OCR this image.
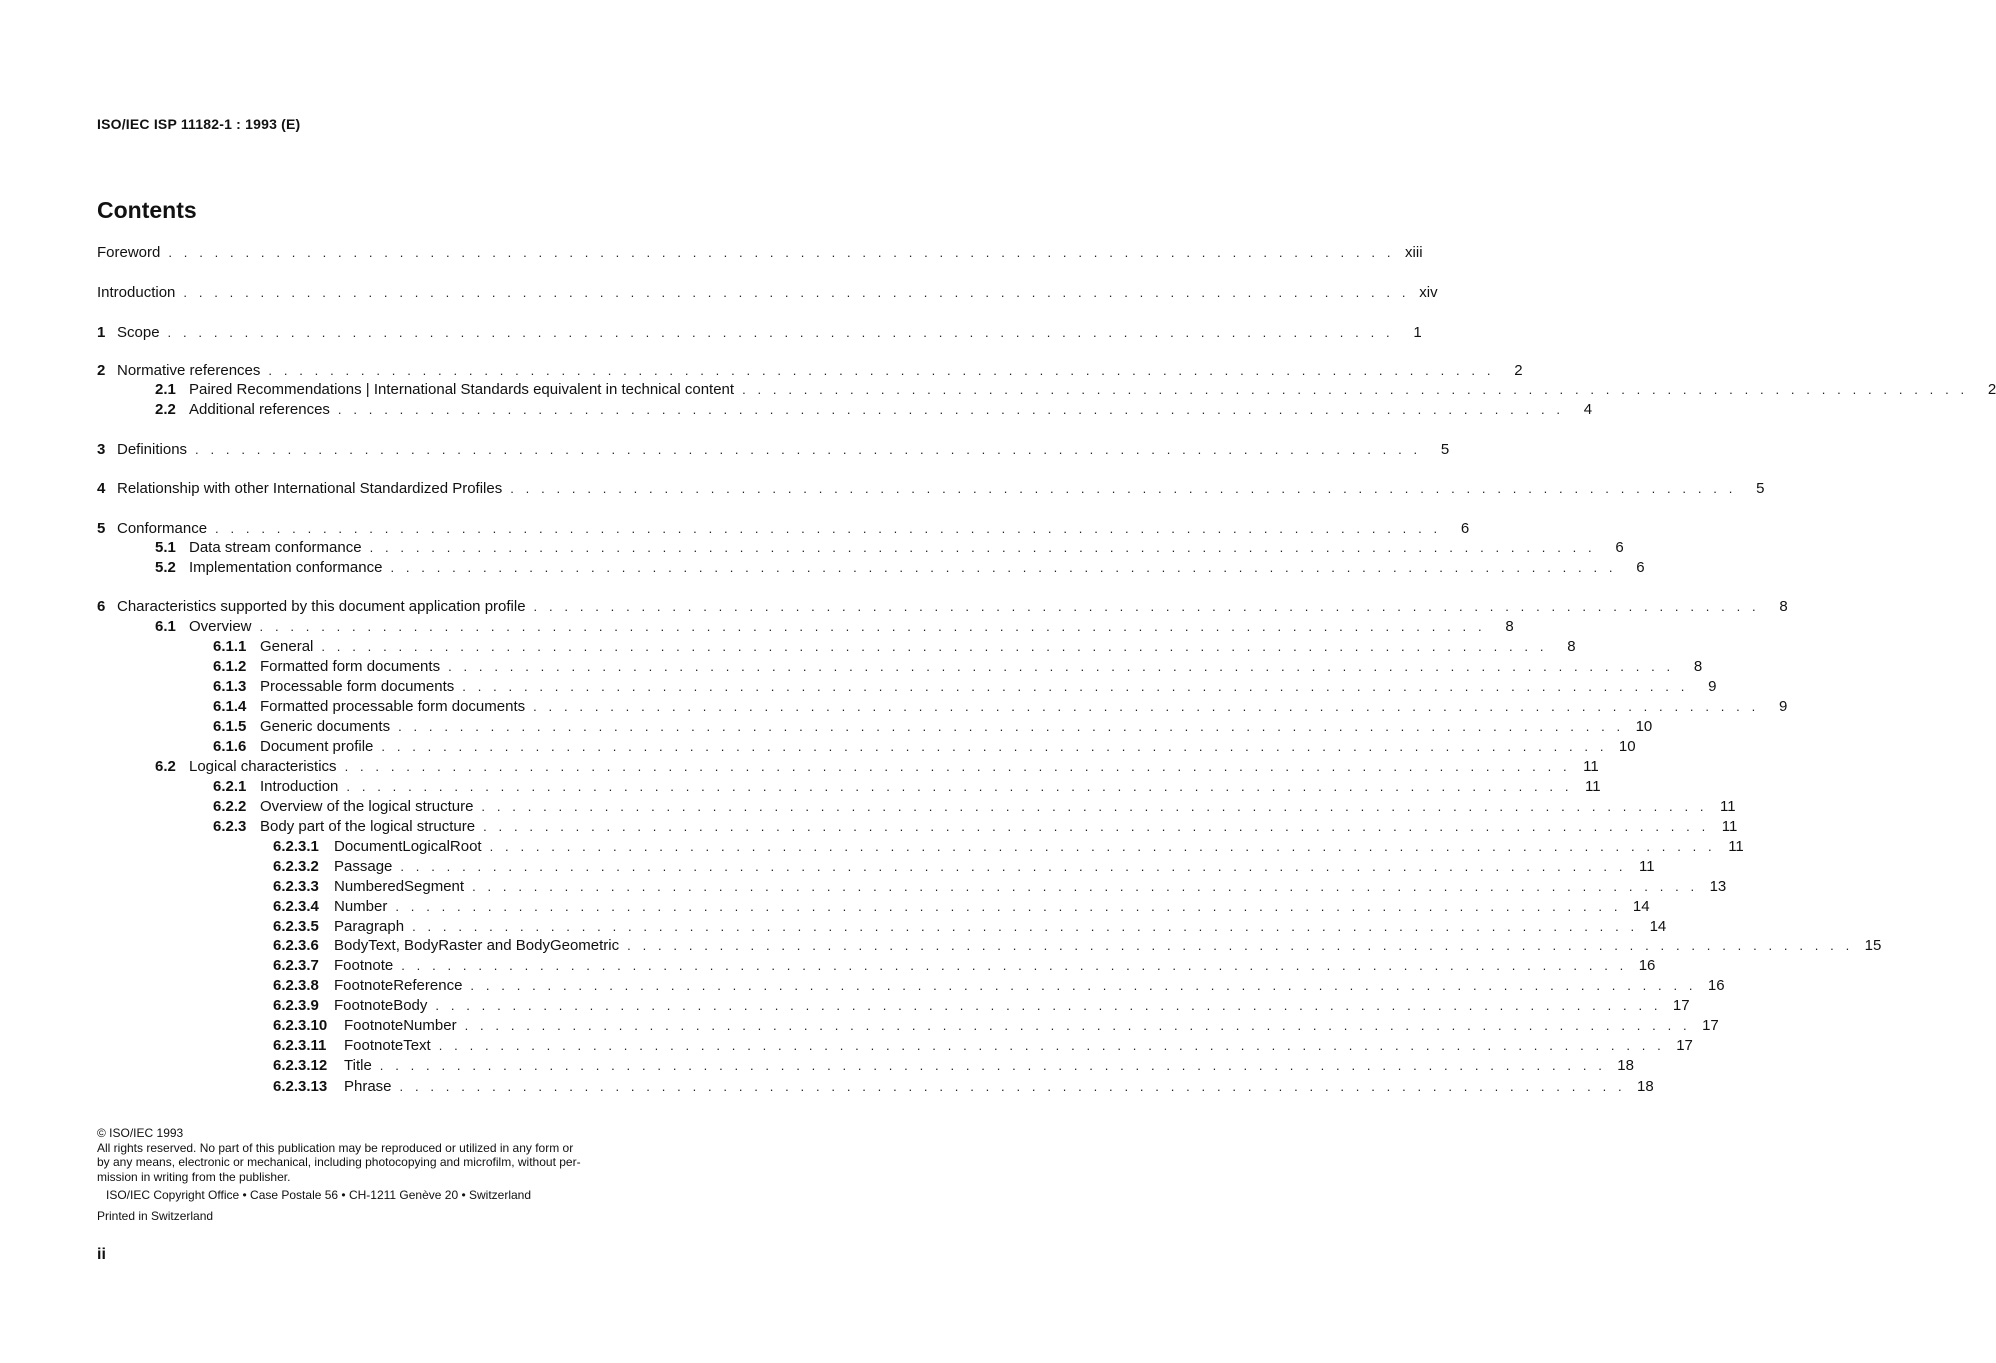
ISO/IEC ISP 11182-1 : 1993 (E)
Contents
Foreword . . . . . . . . . . . . . . . . . . . . . . . . . . . . . . . . . . . . . . . . . . . . . . . . . . . . . . . . . . . . . . . . . . . . . . . . . . . . . . . . xiii
Introduction . . . . . . . . . . . . . . . . . . . . . . . . . . . . . . . . . . . . . . . . . . . . . . . . . . . . . . . . . . . . . . . . . . . . . . . . . . . . . . . . xiv
1 Scope . . . . . . . . . . . . . . . . . . . . . . . . . . . . . . . . . . . . . . . . . . . . . . . . . . . . . . . . . . . . . . . . . . . . . . . . . . . . . . . .	1
2 Normative references . . . . . . . . . . . . . . . . . . . . . . . . . . . . . . . . . . . . . . . . . . . . . . . . . . . . . . . . . . . . . . . . . . . . . . . . . . . . . . . .	2
2.1 Paired Recommendations | International Standards equivalent in technical content . . . . . . . . . . . . . . . . . . . . . . . . . . . . . . . . . . . . . . . . . . . . . . . . . . . . . . . . . . . . . . . . . . . . . . . . . . . . . . . .	2
2.2 Additional references . . . . . . . . . . . . . . . . . . . . . . . . . . . . . . . . . . . . . . . . . . . . . . . . . . . . . . . . . . . . . . . . . . . . . . . . . . . . . . . .	4
3 Definitions . . . . . . . . . . . . . . . . . . . . . . . . . . . . . . . . . . . . . . . . . . . . . . . . . . . . . . . . . . . . . . . . . . . . . . . . . . . . . . . .	5
4 Relationship with other International Standardized Profiles . . . . . . . . . . . . . . . . . . . . . . . . . . . . . . . . . . . . . . . . . . . . . . . . . . . . . . . . . . . . . . . . . . . . . . . . . . . . . . . .	5
5 Conformance . . . . . . . . . . . . . . . . . . . . . . . . . . . . . . . . . . . . . . . . . . . . . . . . . . . . . . . . . . . . . . . . . . . . . . . . . . . . . . . .	6
5.1 Data stream conformance . . . . . . . . . . . . . . . . . . . . . . . . . . . . . . . . . . . . . . . . . . . . . . . . . . . . . . . . . . . . . . . . . . . . . . . . . . . . . . . .	6
5.2 Implementation conformance . . . . . . . . . . . . . . . . . . . . . . . . . . . . . . . . . . . . . . . . . . . . . . . . . . . . . . . . . . . . . . . . . . . . . . . . . . . . . . . .	6
6 Characteristics supported by this document application profile . . . . . . . . . . . . . . . . . . . . . . . . . . . . . . . . . . . . . . . . . . . . . . . . . . . . . . . . . . . . . . . . . . . . . . . . . . . . . . . .	8
6.1 Overview . . . . . . . . . . . . . . . . . . . . . . . . . . . . . . . . . . . . . . . . . . . . . . . . . . . . . . . . . . . . . . . . . . . . . . . . . . . . . . . .	8
6.1.1 General . . . . . . . . . . . . . . . . . . . . . . . . . . . . . . . . . . . . . . . . . . . . . . . . . . . . . . . . . . . . . . . . . . . . . . . . . . . . . . . .	8
6.1.2 Formatted form documents . . . . . . . . . . . . . . . . . . . . . . . . . . . . . . . . . . . . . . . . . . . . . . . . . . . . . . . . . . . . . . . . . . . . . . . . . . . . . . . .	8
6.1.3 Processable form documents . . . . . . . . . . . . . . . . . . . . . . . . . . . . . . . . . . . . . . . . . . . . . . . . . . . . . . . . . . . . . . . . . . . . . . . . . . . . . . . .	9
6.1.4 Formatted processable form documents . . . . . . . . . . . . . . . . . . . . . . . . . . . . . . . . . . . . . . . . . . . . . . . . . . . . . . . . . . . . . . . . . . . . . . . . . . . . . . . .	9
6.1.5 Generic documents . . . . . . . . . . . . . . . . . . . . . . . . . . . . . . . . . . . . . . . . . . . . . . . . . . . . . . . . . . . . . . . . . . . . . . . . . . . . . . . . 10
6.1.6 Document profile . . . . . . . . . . . . . . . . . . . . . . . . . . . . . . . . . . . . . . . . . . . . . . . . . . . . . . . . . . . . . . . . . . . . . . . . . . . . . . . . 10
6.2 Logical characteristics . . . . . . . . . . . . . . . . . . . . . . . . . . . . . . . . . . . . . . . . . . . . . . . . . . . . . . . . . . . . . . . . . . . . . . . . . . . . . . . . 11
6.2.1 Introduction . . . . . . . . . . . . . . . . . . . . . . . . . . . . . . . . . . . . . . . . . . . . . . . . . . . . . . . . . . . . . . . . . . . . . . . . . . . . . . . . 11
6.2.2 Overview of the logical structure . . . . . . . . . . . . . . . . . . . . . . . . . . . . . . . . . . . . . . . . . . . . . . . . . . . . . . . . . . . . . . . . . . . . . . . . . . . . . . . . 11
6.2.3 Body part of the logical structure . . . . . . . . . . . . . . . . . . . . . . . . . . . . . . . . . . . . . . . . . . . . . . . . . . . . . . . . . . . . . . . . . . . . . . . . . . . . . . . . 11
6.2.3.1	DocumentLogicalRoot . . . . . . . . . . . . . . . . . . . . . . . . . . . . . . . . . . . . . . . . . . . . . . . . . . . . . . . . . . . . . . . . . . . . . . . . . . . . . . . . 11
6.2.3.2	Passage . . . . . . . . . . . . . . . . . . . . . . . . . . . . . . . . . . . . . . . . . . . . . . . . . . . . . . . . . . . . . . . . . . . . . . . . . . . . . . . . 11
6.2.3.3	NumberedSegment . . . . . . . . . . . . . . . . . . . . . . . . . . . . . . . . . . . . . . . . . . . . . . . . . . . . . . . . . . . . . . . . . . . . . . . . . . . . . . . . 13
6.2.3.4	Number . . . . . . . . . . . . . . . . . . . . . . . . . . . . . . . . . . . . . . . . . . . . . . . . . . . . . . . . . . . . . . . . . . . . . . . . . . . . . . . . 14
6.2.3.5	Paragraph . . . . . . . . . . . . . . . . . . . . . . . . . . . . . . . . . . . . . . . . . . . . . . . . . . . . . . . . . . . . . . . . . . . . . . . . . . . . . . . . 14
6.2.3.6	BodyText, BodyRaster and BodyGeometric . . . . . . . . . . . . . . . . . . . . . . . . . . . . . . . . . . . . . . . . . . . . . . . . . . . . . . . . . . . . . . . . . . . . . . . . . . . . . . . . 15
6.2.3.7	Footnote . . . . . . . . . . . . . . . . . . . . . . . . . . . . . . . . . . . . . . . . . . . . . . . . . . . . . . . . . . . . . . . . . . . . . . . . . . . . . . . . 16
6.2.3.8	FootnoteReference . . . . . . . . . . . . . . . . . . . . . . . . . . . . . . . . . . . . . . . . . . . . . . . . . . . . . . . . . . . . . . . . . . . . . . . . . . . . . . . . 16
6.2.3.9	FootnoteBody . . . . . . . . . . . . . . . . . . . . . . . . . . . . . . . . . . . . . . . . . . . . . . . . . . . . . . . . . . . . . . . . . . . . . . . . . . . . . . . . 17
6.2.3.10	FootnoteNumber . . . . . . . . . . . . . . . . . . . . . . . . . . . . . . . . . . . . . . . . . . . . . . . . . . . . . . . . . . . . . . . . . . . . . . . . . . . . . . . . 17
6.2.3.11	FootnoteText . . . . . . . . . . . . . . . . . . . . . . . . . . . . . . . . . . . . . . . . . . . . . . . . . . . . . . . . . . . . . . . . . . . . . . . . . . . . . . . . 17
6.2.3.12	Title . . . . . . . . . . . . . . . . . . . . . . . . . . . . . . . . . . . . . . . . . . . . . . . . . . . . . . . . . . . . . . . . . . . . . . . . . . . . . . . . 18
6.2.3.13	Phrase . . . . . . . . . . . . . . . . . . . . . . . . . . . . . . . . . . . . . . . . . . . . . . . . . . . . . . . . . . . . . . . . . . . . . . . . . . . . . . . . 18

© ISO/IEC 1993

All rights reserved. No part of this publication may be reproduced or utilized in any form or

by any means, electronic or mechanical, including photocopying and microfilm, without per-

mission in writing from the publisher.

ISO/IEC Copyright Office • Case Postale 56 • CH-1211 Genève 20 • Switzerland

Printed in Switzerland

ii
